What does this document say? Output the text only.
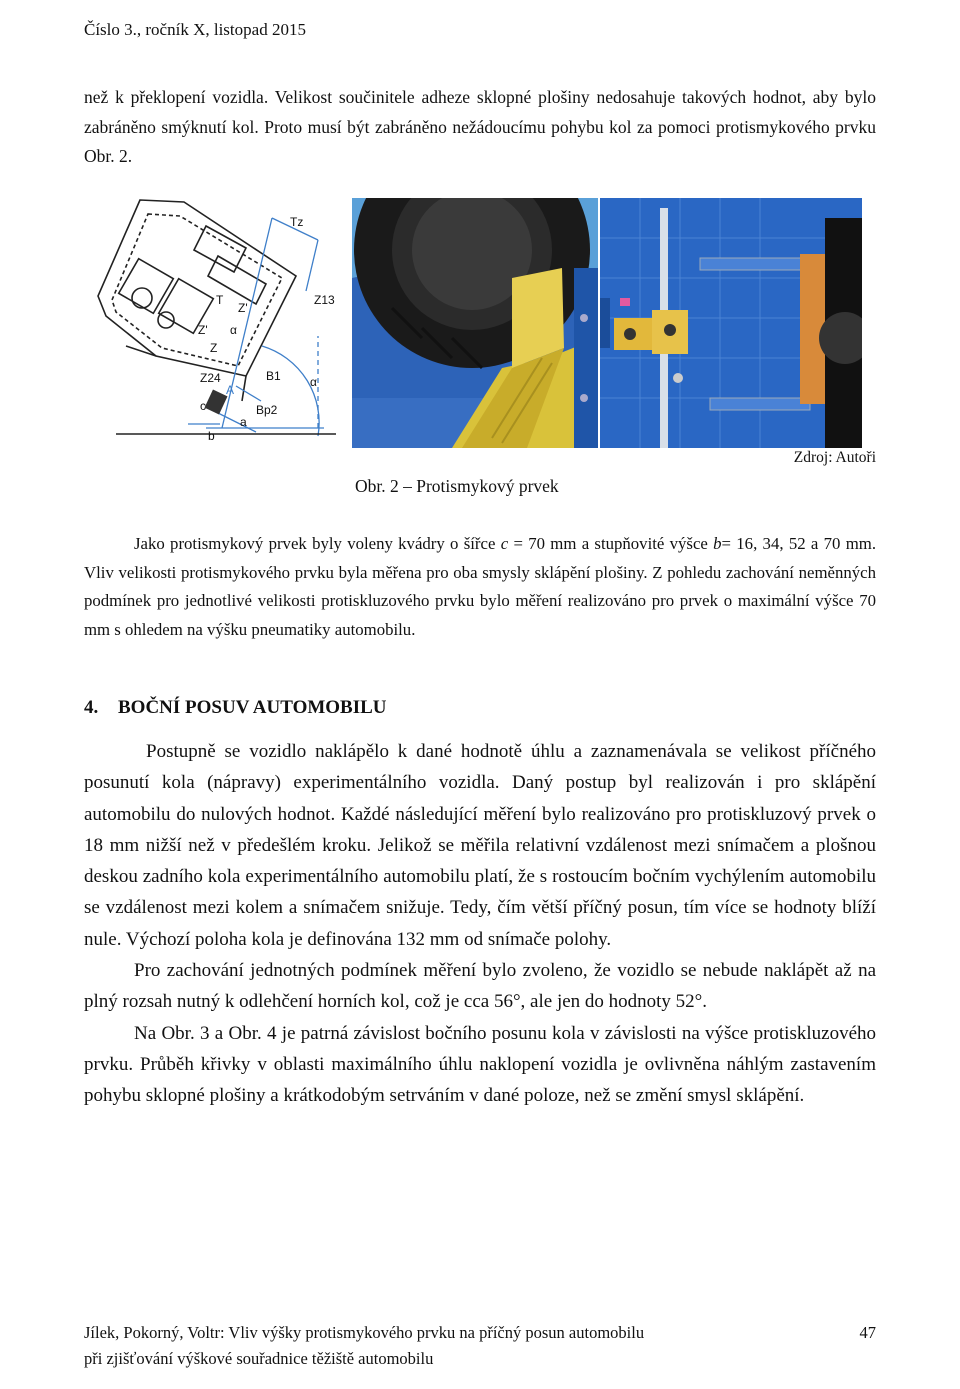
Číslo 3., ročník X, listopad 2015
než k překlopení vozidla. Velikost součinitele adheze sklopné plošiny nedosahuje takových hodnot, aby bylo zabráněno smýknutí kol. Proto musí být zabráněno nežádoucímu pohybu kol za pomoci protismykového prvku Obr. 2.
Tz
Z13
T
Z'
α
Z'
Z
Z24	B1 α
A
Bp2
c
a
b
Obr. 2 – Protismykový prvek
Zdroj: Autoři
Jako protismykový prvek byly voleny kvádry o šířce c = 70 mm a stupňovité výšce b= 16, 34, 52 a 70 mm. Vliv velikosti protismykového prvku byla měřena pro oba smysly sklápění plošiny. Z pohledu zachování neměnných podmínek pro jednotlivé velikosti protiskluzového prvku bylo měření realizováno pro prvek o maximální výšce 70 mm s ohledem na výšku pneumatiky automobilu.
4. BOČNÍ POSUV AUTOMOBILU

Postupně se vozidlo naklápělo k dané hodnotě úhlu a zaznamenávala se velikost příčného posunutí kola (nápravy) experimentálního vozidla. Daný postup byl realizován i pro sklápění automobilu do nulových hodnot. Každé následující měření bylo realizováno pro protiskluzový prvek o 18 mm nižší než v předešlém kroku. Jelikož se měřila relativní vzdálenost mezi snímačem a plošnou deskou zadního kola experimentálního automobilu platí, že s rostoucím bočním vychýlením automobilu se vzdálenost mezi kolem a snímačem snižuje. Tedy, čím větší příčný posun, tím více se hodnoty blíží nule. Výchozí poloha kola je definována 132 mm od snímače polohy.

Pro zachování jednotných podmínek měření bylo zvoleno, že vozidlo se nebude naklápět až na plný rozsah nutný k odlehčení horních kol, což je cca 56°, ale jen do hodnoty 52°.

Na Obr. 3 a Obr. 4 je patrná závislost bočního posunu kola v závislosti na výšce protiskluzového prvku. Průběh křivky v oblasti maximálního úhlu naklopení vozidla je ovlivněna náhlým zastavením pohybu sklopné plošiny a krátkodobým setrváním v dané poloze, než se změní smysl sklápění.

Jílek, Pokorný, Voltr: Vliv výšky protismykového prvku na příčný posun automobilu
při zjišťování výškové souřadnice těžiště automobilu
47
